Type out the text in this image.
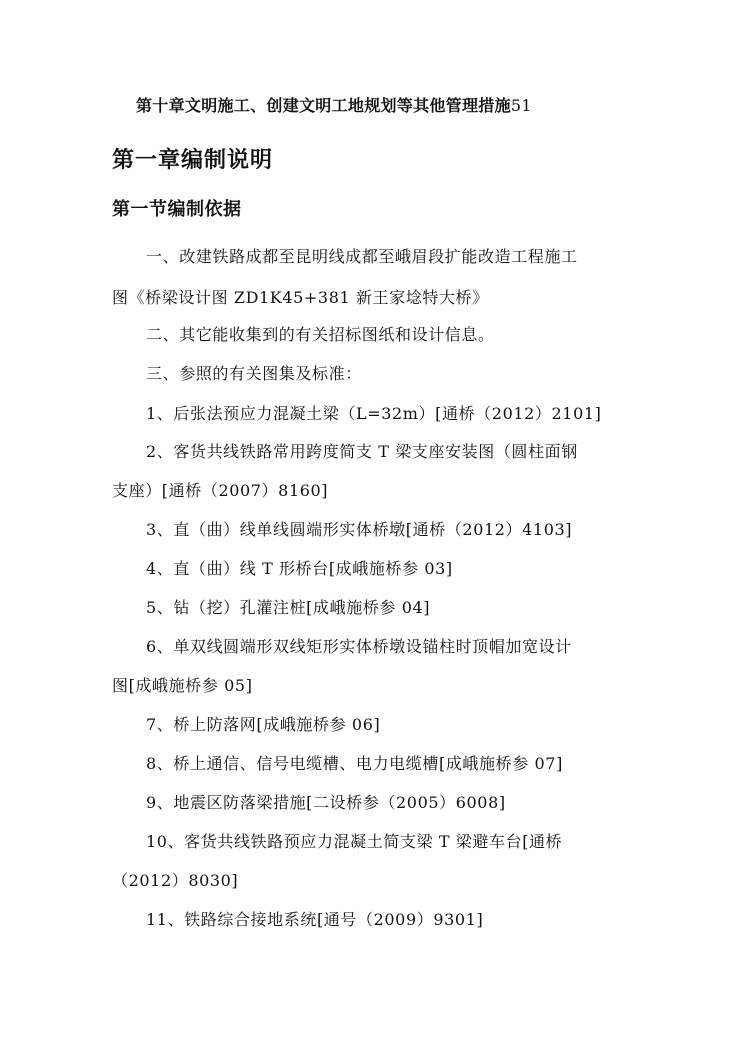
第十章文明施工、创建文明工地规划等其他管理措施51
第一章编制说明
第一节编制依据
一、改建铁路成都至昆明线成都至峨眉段扩能改造工程施工
图《桥梁设计图 ZD1K45+381 新王家埝特大桥》
二、其它能收集到的有关招标图纸和设计信息。
三、参照的有关图集及标准：
1、后张法预应力混凝土梁（L=32m）[通桥（2012）2101]
2、客货共线铁路常用跨度简支 T 梁支座安装图（圆柱面钢
支座）[通桥（2007）8160]
3、直（曲）线单线圆端形实体桥墩[通桥（2012）4103]
4、直（曲）线 T 形桥台[成峨施桥参 03]
5、钻（挖）孔灌注桩[成峨施桥参 04]
6、单双线圆端形双线矩形实体桥墩设锚柱时顶帽加宽设计
图[成峨施桥参 05]
7、桥上防落网[成峨施桥参 06]
8、桥上通信、信号电缆槽、电力电缆槽[成峨施桥参 07]
9、地震区防落梁措施[二设桥参（2005）6008]
10、客货共线铁路预应力混凝土简支梁 T 梁避车台[通桥
（2012）8030]
11、铁路综合接地系统[通号（2009）9301]
